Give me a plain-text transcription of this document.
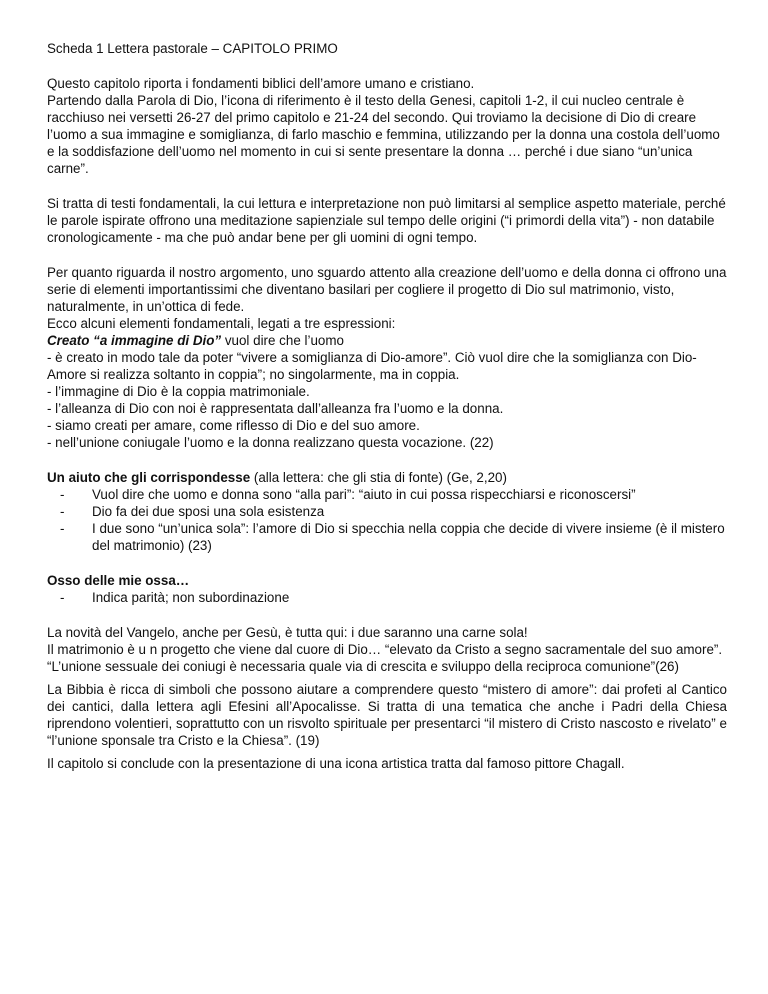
Scheda 1 Lettera pastorale – CAPITOLO PRIMO

Questo capitolo riporta i fondamenti biblici dell’amore umano e cristiano.

Partendo dalla Parola di Dio, l’icona di riferimento è il testo della Genesi, capitoli 1-2, il cui nucleo centrale è racchiuso nei versetti 26-27 del primo capitolo e 21-24 del secondo. Qui troviamo la decisione di Dio di creare l’uomo a sua immagine e somiglianza, di farlo maschio e femmina, utilizzando per la donna una costola dell’uomo e la soddisfazione dell’uomo nel momento in cui si sente presentare la donna … perché i due siano “un’unica carne”.

Si tratta di testi fondamentali, la cui lettura e interpretazione non può limitarsi al semplice aspetto materiale, perché le parole ispirate offrono una meditazione sapienziale sul tempo delle origini (“i primordi della vita”) - non databile cronologicamente - ma che può andar bene per gli uomini di ogni tempo.

Per quanto riguarda il nostro argomento, uno sguardo attento alla creazione dell’uomo e della donna ci offrono una serie di elementi importantissimi che diventano basilari per cogliere il progetto di Dio sul matrimonio, visto, naturalmente, in un’ottica di fede.

Ecco alcuni elementi fondamentali, legati a tre espressioni:

Creato “a immagine di Dio” vuol dire che l’uomo

- è creato in modo tale da poter “vivere a somiglianza di Dio-amore”. Ciò vuol dire che la somiglianza con Dio-Amore si realizza soltanto in coppia”; no singolarmente, ma in coppia.

- l’immagine di Dio è la coppia matrimoniale.

- l’alleanza di Dio con noi è rappresentata dall’alleanza fra l’uomo e la donna.

- siamo creati per amare, come riflesso di Dio e del suo amore.

- nell’unione coniugale l’uomo e la donna realizzano questa vocazione. (22)

Un aiuto che gli corrispondesse (alla lettera: che gli stia di fonte) (Ge, 2,20)

- Vuol dire che uomo e donna sono “alla pari”: “aiuto in cui possa rispecchiarsi e riconoscersi”

- Dio fa dei due sposi una sola esistenza

- I due sono “un’unica sola”: l’amore di Dio si specchia nella coppia che decide di vivere insieme (è il mistero del matrimonio) (23)

Osso delle mie ossa…

- Indica parità; non subordinazione

La novità del Vangelo, anche per Gesù, è tutta qui: i due saranno una carne sola!

Il matrimonio è u n progetto che viene dal cuore di Dio… “elevato da Cristo a segno sacramentale del suo amore”.

“L’unione sessuale dei coniugi è necessaria quale via di crescita e sviluppo della reciproca comunione”(26)

La Bibbia è ricca di simboli che possono aiutare a comprendere questo “mistero di amore”: dai profeti al Cantico dei cantici, dalla lettera agli Efesini all’Apocalisse. Si tratta di una tematica che anche i Padri della Chiesa riprendono volentieri, soprattutto con un risvolto spirituale per presentarci “il mistero di Cristo nascosto e rivelato” e “l’unione sponsale tra Cristo e la Chiesa”. (19)

Il capitolo si conclude con la presentazione di una icona artistica tratta dal famoso pittore Chagall.
